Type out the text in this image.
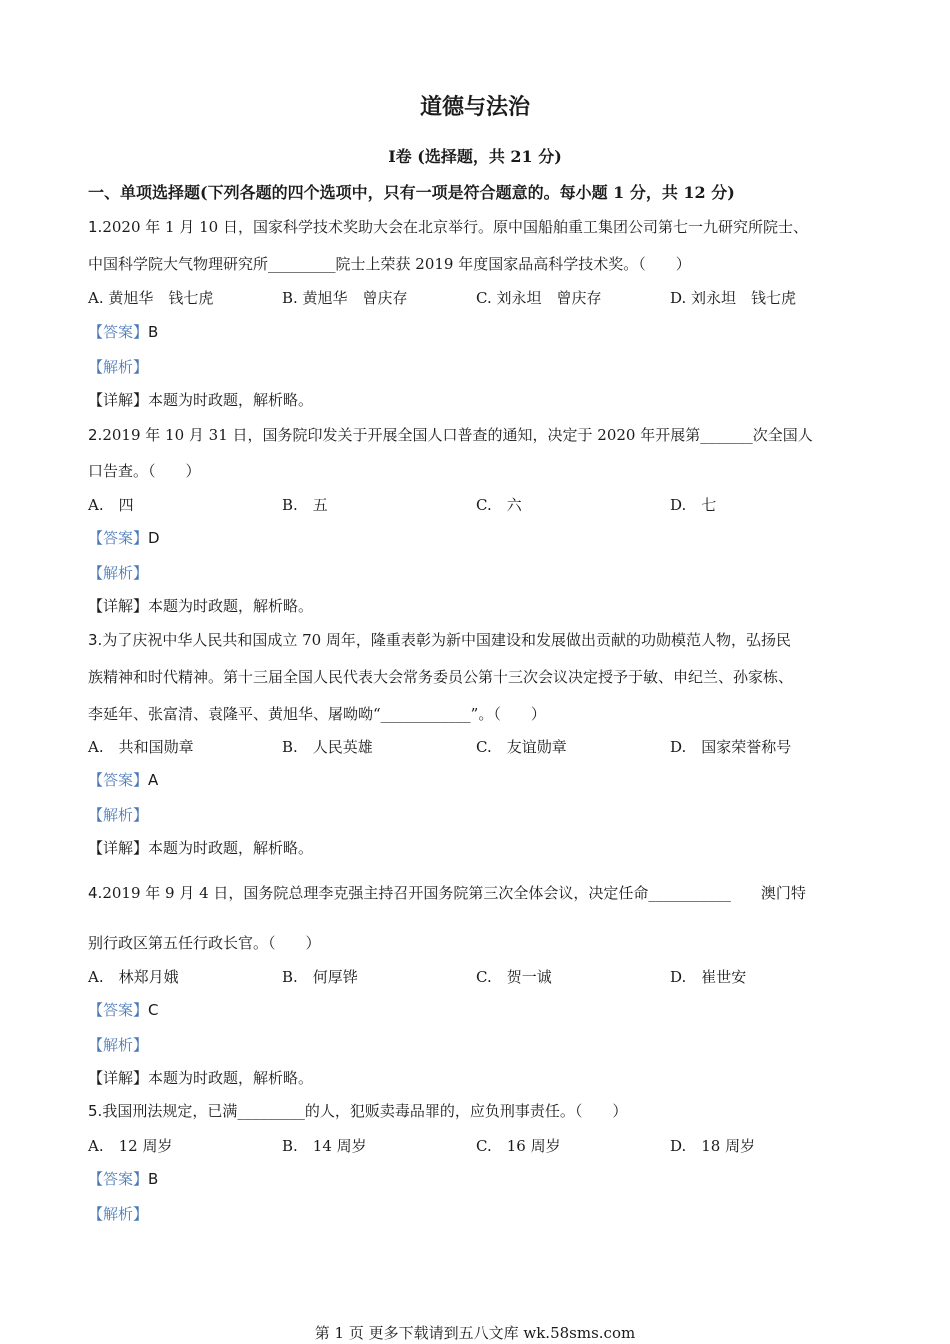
道德与法治
Ⅰ卷 (选择题，共 21 分)
一、单项选择题(下列各题的四个选项中，只有一项是符合题意的。每小题 1 分，共 12 分)
1.2020 年 1 月 10 日，国家科学技术奖助大会在北京举行。原中国船舶重工集团公司第七一九研究所院士、
中国科学院大气物理研究所_________院士上荣获 2019 年度国家品高科学技术奖。（　　）
A. 黄旭华　钱七虎	B. 黄旭华　曾庆存	C. 刘永坦　曾庆存	D. 刘永坦　钱七虎
【答案】B
【解析】
【详解】本题为时政题，解析略。
2.2019 年 10 月 31 日，国务院印发关于开展全国人口普查的通知，决定于 2020 年开展第_______次全国人
口告查。（　　）
A.　四	B.　五	C.　六	D.　七
【答案】D
【解析】
【详解】本题为时政题，解析略。
3.为了庆祝中华人民共和国成立 70 周年，隆重表彰为新中国建设和发展做出贡献的功勋模范人物，弘扬民
族精神和时代精神。第十三届全国人民代表大会常务委员公第十三次会议决定授予于敏、申纪兰、孙家栋、
李延年、张富清、袁隆平、黄旭华、屠呦呦“____________”。（　　）
A.　共和国勋章	B.　人民英雄	C.　友谊勋章	D.　国家荣誉称号
【答案】A
【解析】
【详解】本题为时政题，解析略。
4.2019 年 9 月 4 日，国务院总理李克强主持召开国务院第三次全体会议，决定任命___________　　澳门特
别行政区第五任行政长官。（　　）
A.　林郑月娥	B.　何厚铧	C.　贺一诚	D.　崔世安
【答案】C
【解析】
【详解】本题为时政题，解析略。
5.我国刑法规定，已满_________的人，犯贩卖毒品罪的，应负刑事责任。（　　）
A.　12 周岁	B.　14 周岁	C.　16 周岁	D.　18 周岁
【答案】B
【解析】
第 1 页 更多下载请到五八文库 wk.58sms.com
